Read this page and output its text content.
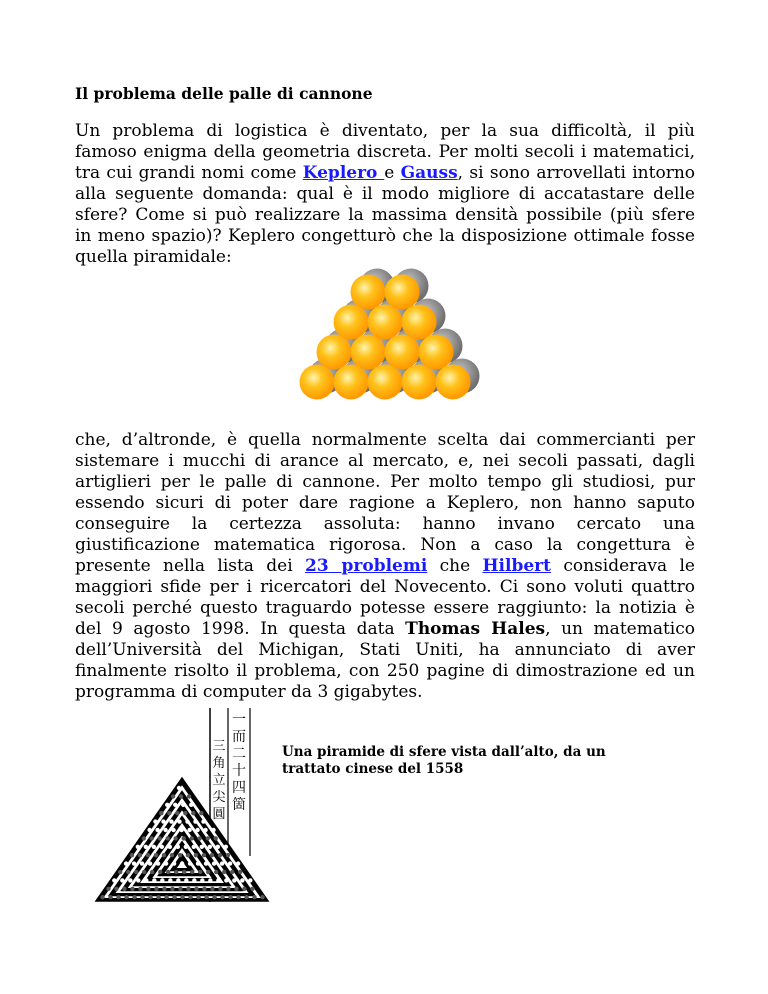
Il problema delle palle di cannone
Un problema di logistica è diventato, per la sua difficoltà, il più
famoso enigma della geometria discreta. Per molti secoli i matematici,
tra cui grandi nomi come Keplero e Gauss, si sono arrovellati intorno
alla seguente domanda: qual è il modo migliore di accatastare delle
sfere? Come si può realizzare la massima densità possibile (più sfere
in meno spazio)? Keplero congetturò che la disposizione ottimale fosse
quella piramidale:
che, d’altronde, è quella normalmente scelta dai commercianti per
sistemare i mucchi di arance al mercato, e, nei secoli passati, dagli
artiglieri per le palle di cannone. Per molto tempo gli studiosi, pur
essendo sicuri di poter dare ragione a Keplero, non hanno saputo
conseguire la certezza assoluta: hanno invano cercato una
giustificazione matematica rigorosa. Non a caso la congettura è
presente nella lista dei 23 problemi che Hilbert considerava le
maggiori sfide per i ricercatori del Novecento. Ci sono voluti quattro
secoli perché questo traguardo potesse essere raggiunto: la notizia è
del 9 agosto 1998. In questa data Thomas Hales, un matematico
dell’Università del Michigan, Stati Uniti, ha annunciato di aver
finalmente risolto il problema, con 250 pagine di dimostrazione ed un
programma di computer da 3 gigabytes.
一
而
二
十
四
箇
三
角
立
尖
圓
Una piramide di sfere vista dall’alto, da un trattato cinese del 1558
